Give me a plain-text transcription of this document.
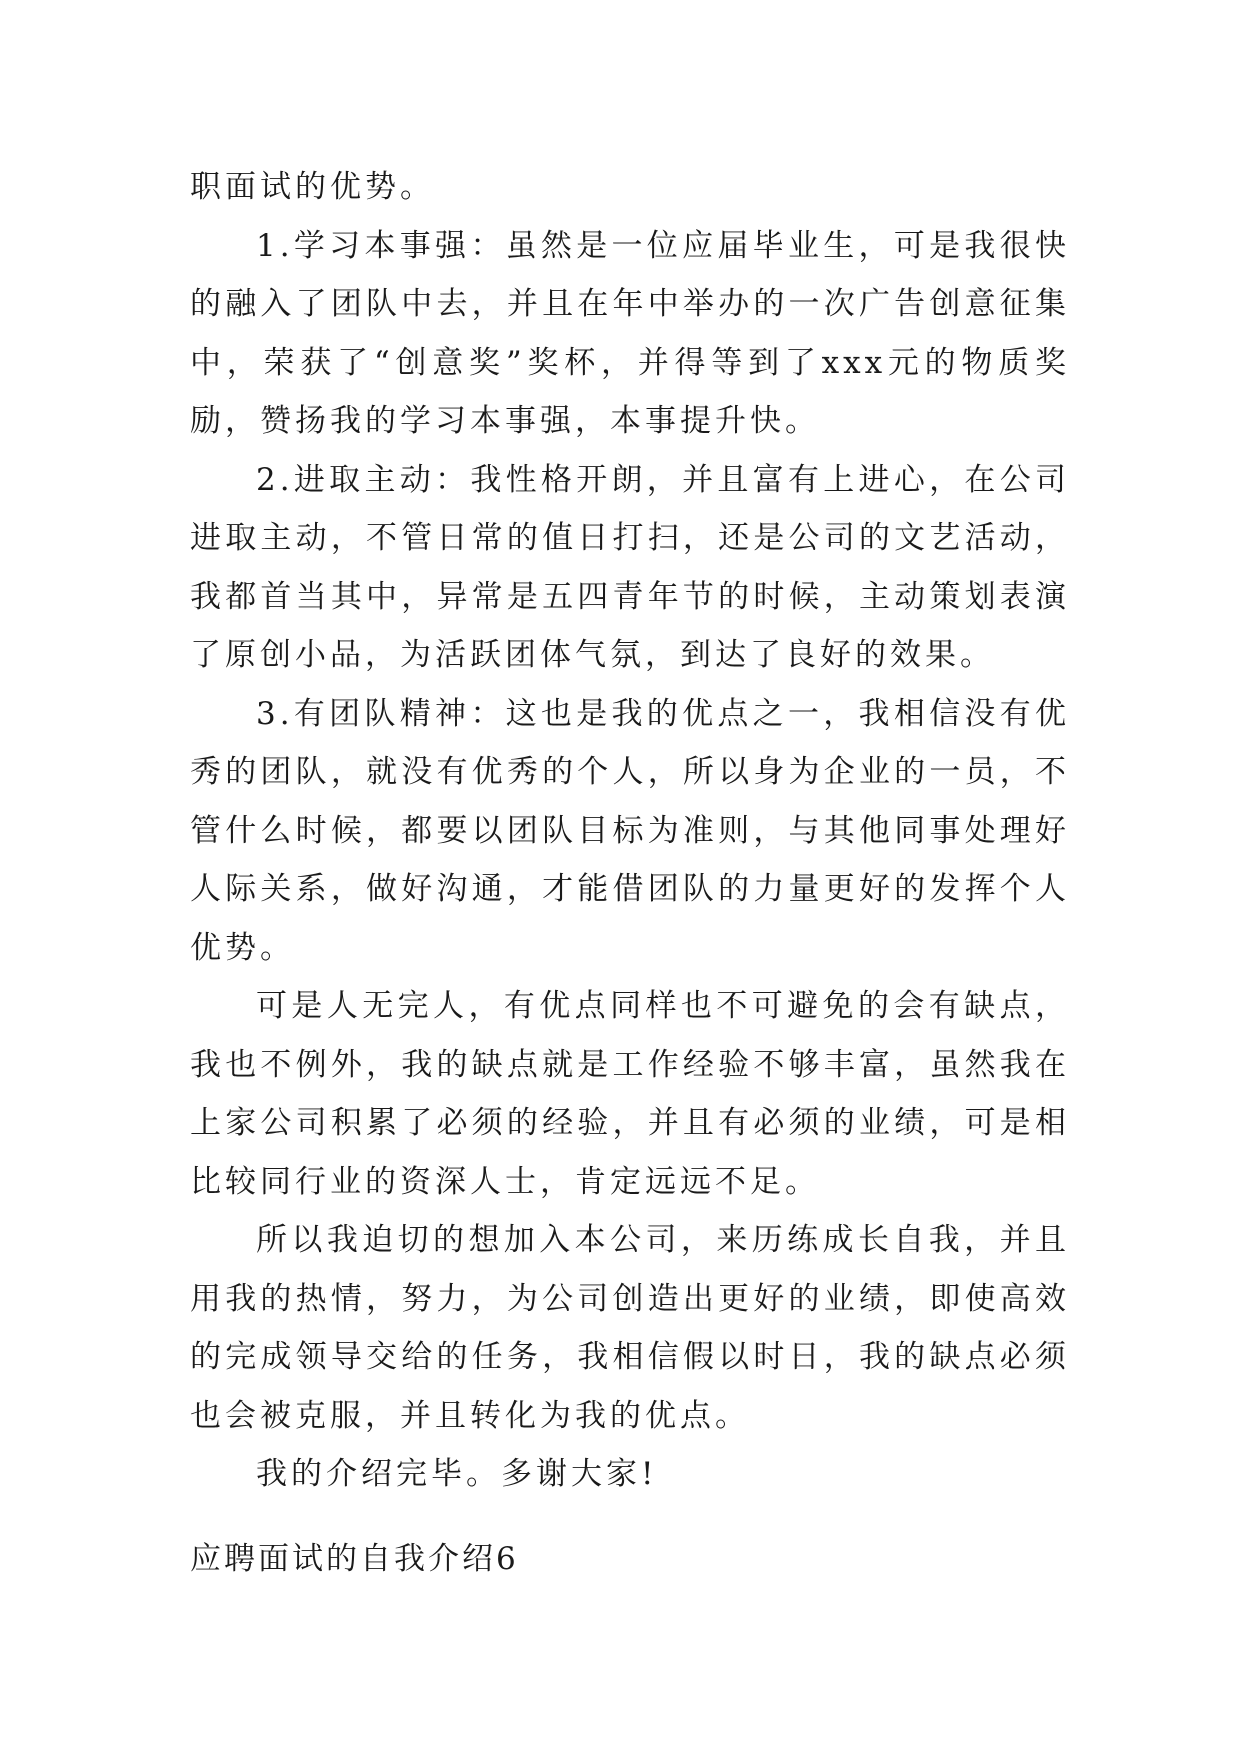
职面试的优势。

1.学习本事强：虽然是一位应届毕业生，可是我很快的融入了团队中去，并且在年中举办的一次广告创意征集中，荣获了“创意奖”奖杯，并得等到了xxx元的物质奖励，赞扬我的学习本事强，本事提升快。

2.进取主动：我性格开朗，并且富有上进心，在公司进取主动，不管日常的值日打扫，还是公司的文艺活动，我都首当其中，异常是五四青年节的时候，主动策划表演了原创小品，为活跃团体气氛，到达了良好的效果。

3.有团队精神：这也是我的优点之一，我相信没有优秀的团队，就没有优秀的个人，所以身为企业的一员，不管什么时候，都要以团队目标为准则，与其他同事处理好人际关系，做好沟通，才能借团队的力量更好的发挥个人优势。

可是人无完人，有优点同样也不可避免的会有缺点，我也不例外，我的缺点就是工作经验不够丰富，虽然我在上家公司积累了必须的经验，并且有必须的业绩，可是相比较同行业的资深人士，肯定远远不足。

所以我迫切的想加入本公司，来历练成长自我，并且用我的热情，努力，为公司创造出更好的业绩，即使高效的完成领导交给的任务，我相信假以时日，我的缺点必须也会被克服，并且转化为我的优点。

我的介绍完毕。多谢大家!

应聘面试的自我介绍6
